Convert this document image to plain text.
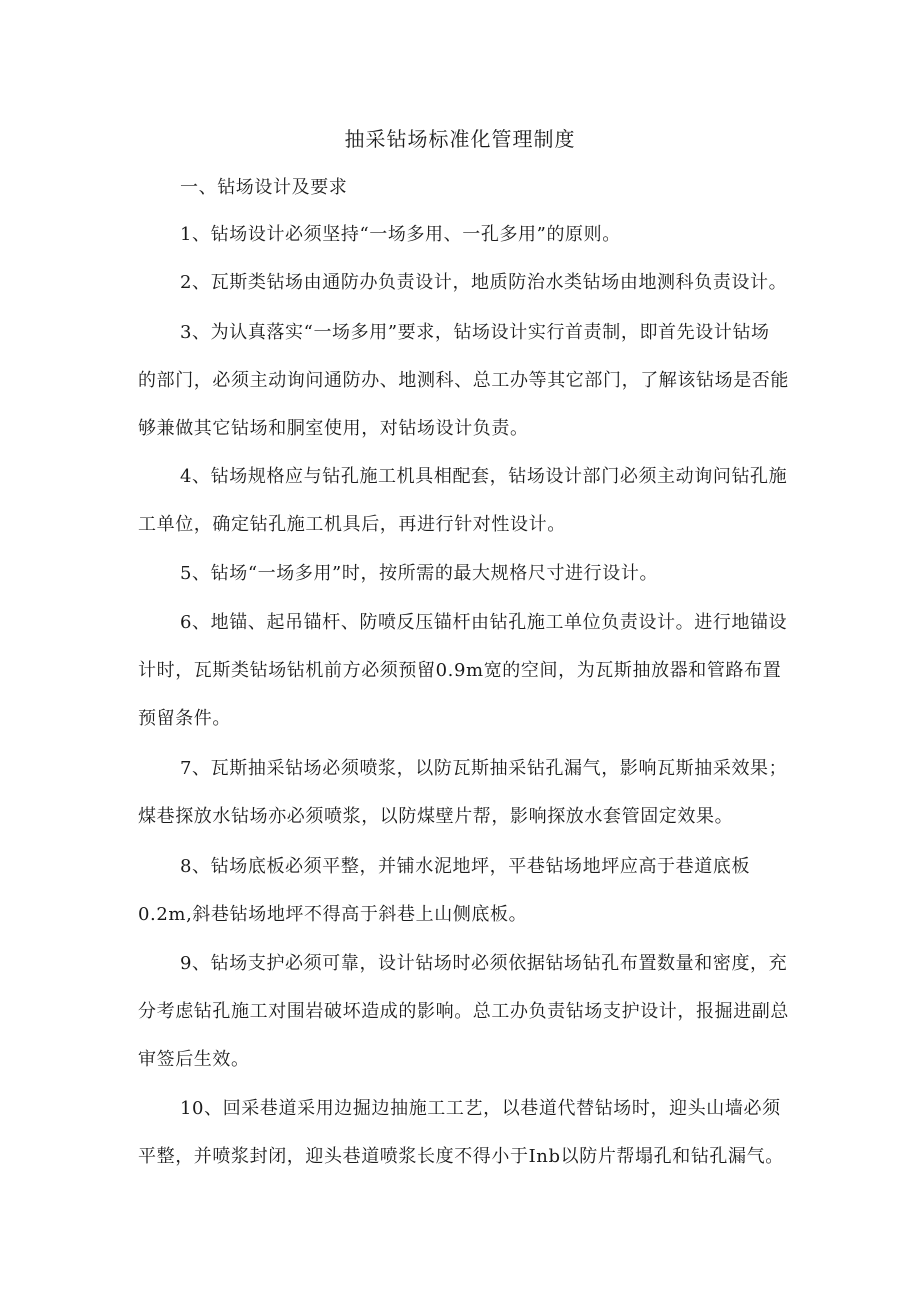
抽采钻场标准化管理制度
一、钻场设计及要求
1、钻场设计必须坚持“一场多用、一孔多用”的原则。
2、瓦斯类钻场由通防办负责设计，地质防治水类钻场由地测科负责设计。
3、为认真落实“一场多用”要求，钻场设计实行首责制，即首先设计钻场
的部门，必须主动询问通防办、地测科、总工办等其它部门，了解该钻场是否能
够兼做其它钻场和胴室使用，对钻场设计负责。
4、钻场规格应与钻孔施工机具相配套，钻场设计部门必须主动询问钻孔施
工单位，确定钻孔施工机具后，再进行针对性设计。
5、钻场“一场多用”时，按所需的最大规格尺寸进行设计。
6、地锚、起吊锚杆、防喷反压锚杆由钻孔施工单位负责设计。进行地锚设
计时，瓦斯类钻场钻机前方必须预留0.9m宽的空间，为瓦斯抽放器和管路布置
预留条件。
7、瓦斯抽采钻场必须喷浆，以防瓦斯抽采钻孔漏气，影响瓦斯抽采效果；
煤巷探放水钻场亦必须喷浆，以防煤壁片帮，影响探放水套管固定效果。
8、钻场底板必须平整，并铺水泥地坪，平巷钻场地坪应高于巷道底板
0.2m,斜巷钻场地坪不得高于斜巷上山侧底板。
9、钻场支护必须可靠，设计钻场时必须依据钻场钻孔布置数量和密度，充
分考虑钻孔施工对围岩破坏造成的影响。总工办负责钻场支护设计，报掘进副总
审签后生效。
10、回采巷道采用边掘边抽施工工艺，以巷道代替钻场时，迎头山墙必须
平整，并喷浆封闭，迎头巷道喷浆长度不得小于Inb以防片帮塌孔和钻孔漏气。
